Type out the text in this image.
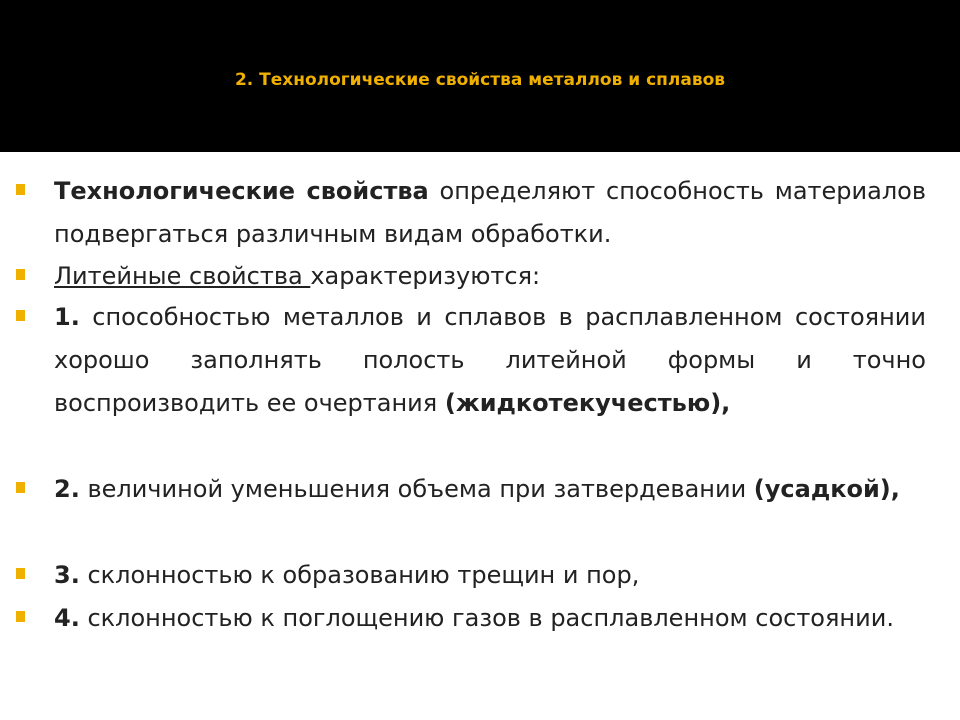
2. Технологические свойства металлов и сплавов
Технологические свойства определяют способность материалов подвергаться различным видам обработки.
Литейные свойства характеризуются:
1. способностью металлов и сплавов в расплавленном состоянии хорошо заполнять полость литейной формы и точно воспроизводить ее очертания (жидкотекучестью),
2. величиной уменьшения объема при затвердевании (усадкой),
3. склонностью к образованию трещин и пор,
4. склонностью к поглощению газов в расплавленном состоянии.
